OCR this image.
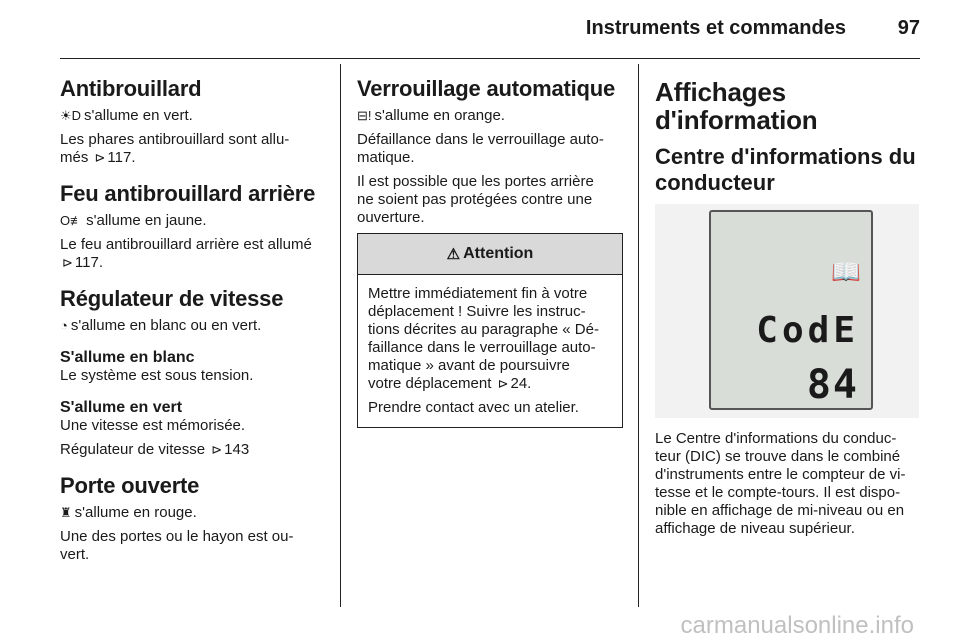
Instruments et commandes	97
Antibrouillard

☀D s'allume en vert.

Les phares antibrouillard sont allu-
més ⊳ 117.

Feu antibrouillard arrière

O≢ s'allume en jaune.

Le feu antibrouillard arrière est allumé
⊳ 117.

Régulateur de vitesse

◔ s'allume en blanc ou en vert.

S'allume en blanc

Le système est sous tension.

S'allume en vert

Une vitesse est mémorisée.

Régulateur de vitesse ⊳ 143

Porte ouverte

♜ s'allume en rouge.

Une des portes ou le hayon est ou-
vert.

Verrouillage automatique

⊟! s'allume en orange.

Défaillance dans le verrouillage auto-
matique.

Il est possible que les portes arrière
ne soient pas protégées contre une
ouverture.

⚠ Attention

Mettre immédiatement fin à votre
déplacement ! Suivre les instruc-
tions décrites au paragraphe « Dé-
faillance dans le verrouillage auto-
matique » avant de poursuivre
votre déplacement ⊳ 24.

Prendre contact avec un atelier.

Affichages
d'information
Centre d'informations du
conducteur
📖
CodE
84

Le Centre d'informations du conduc-
teur (DIC) se trouve dans le combiné
d'instruments entre le compteur de vi-
tesse et le compte-tours. Il est dispo-
nible en affichage de mi-niveau ou en
affichage de niveau supérieur.

carmanualsonline.info
